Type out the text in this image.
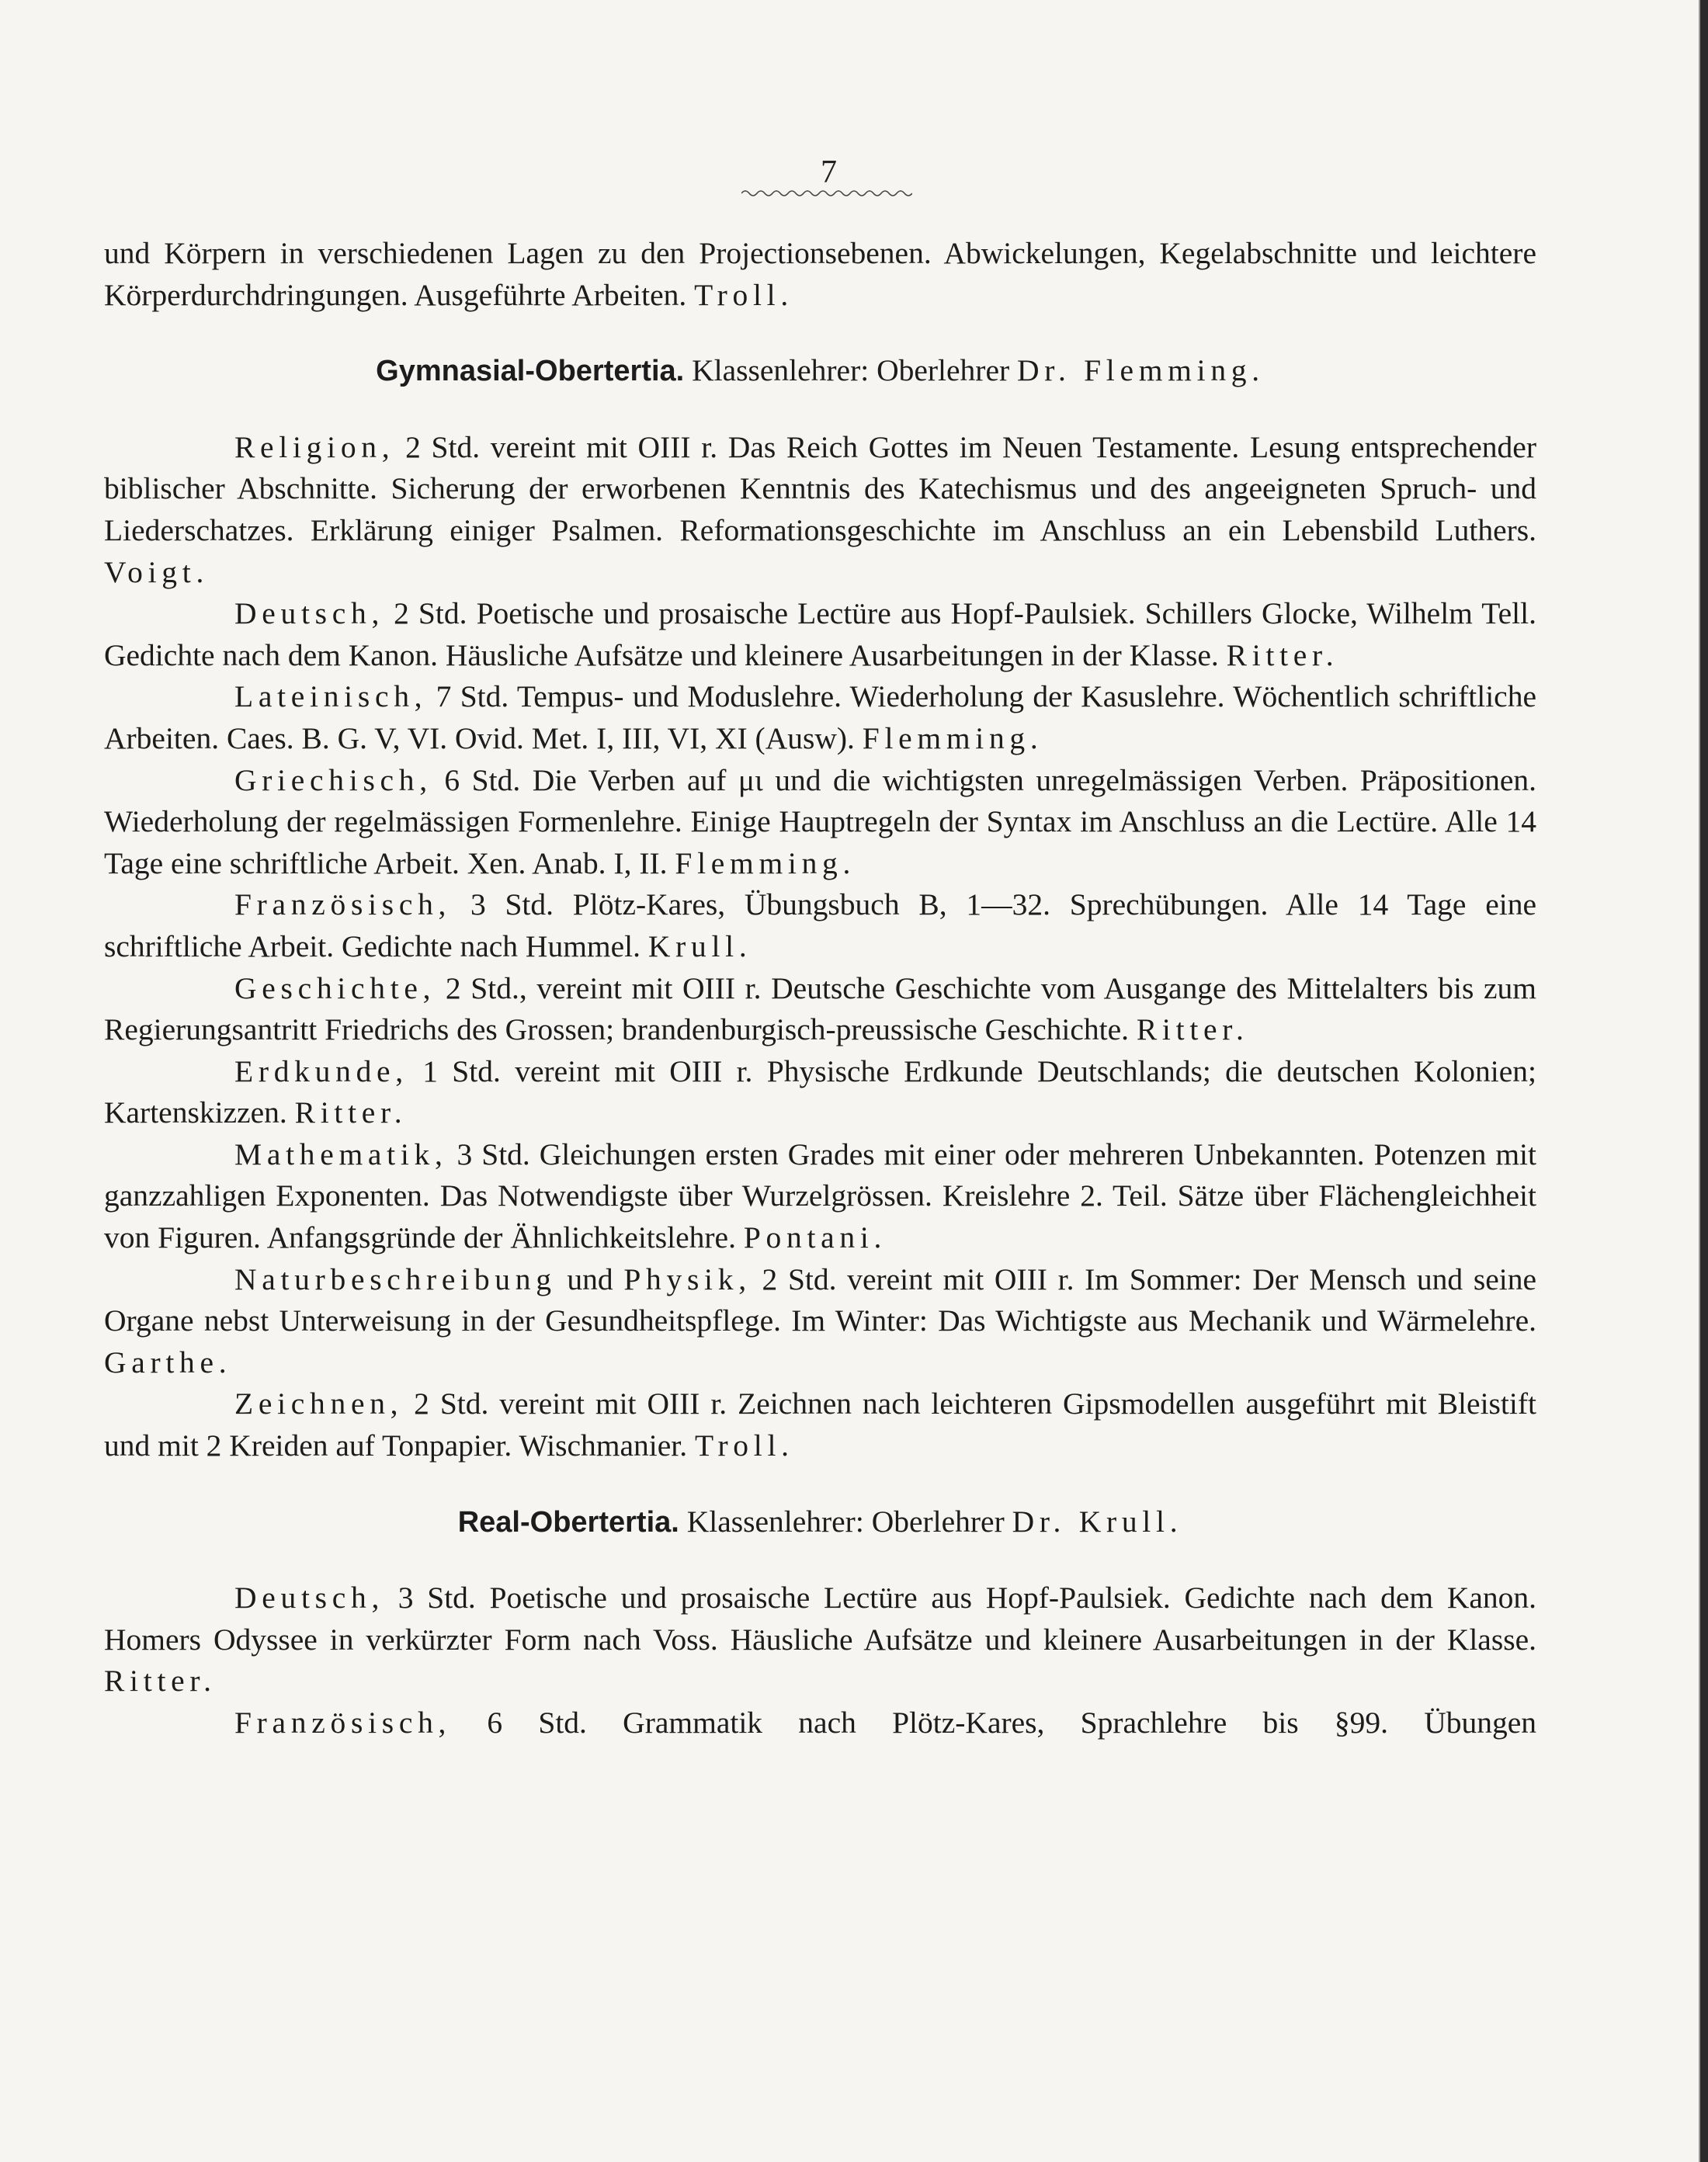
7

und Körpern in verschiedenen Lagen zu den Projectionsebenen. Abwickelungen, Kegelabschnitte und leichtere Körperdurchdringungen. Ausgeführte Arbeiten. Troll.

Gymnasial-Obertertia. Klassenlehrer: Oberlehrer Dr. Flemming.

Religion, 2 Std. vereint mit OIII r. Das Reich Gottes im Neuen Testamente. Lesung entsprechender biblischer Abschnitte. Sicherung der erworbenen Kenntnis des Katechismus und des angeeigneten Spruch- und Liederschatzes. Erklärung einiger Psalmen. Reformationsgeschichte im Anschluss an ein Lebensbild Luthers. Voigt.

Deutsch, 2 Std. Poetische und prosaische Lectüre aus Hopf-Paulsiek. Schillers Glocke, Wilhelm Tell. Gedichte nach dem Kanon. Häusliche Aufsätze und kleinere Ausarbeitungen in der Klasse. Ritter.

Lateinisch, 7 Std. Tempus- und Moduslehre. Wiederholung der Kasuslehre. Wöchentlich schriftliche Arbeiten. Caes. B. G. V, VI. Ovid. Met. I, III, VI, XI (Ausw). Flemming.

Griechisch, 6 Std. Die Verben auf μι und die wichtigsten unregelmässigen Verben. Präpositionen. Wiederholung der regelmässigen Formenlehre. Einige Hauptregeln der Syntax im Anschluss an die Lectüre. Alle 14 Tage eine schriftliche Arbeit. Xen. Anab. I, II. Flemming.

Französisch, 3 Std. Plötz-Kares, Übungsbuch B, 1—32. Sprechübungen. Alle 14 Tage eine schriftliche Arbeit. Gedichte nach Hummel. Krull.

Geschichte, 2 Std., vereint mit OIII r. Deutsche Geschichte vom Ausgange des Mittelalters bis zum Regierungsantritt Friedrichs des Grossen; brandenburgisch-preussische Geschichte. Ritter.

Erdkunde, 1 Std. vereint mit OIII r. Physische Erdkunde Deutschlands; die deutschen Kolonien; Kartenskizzen. Ritter.

Mathematik, 3 Std. Gleichungen ersten Grades mit einer oder mehreren Unbekannten. Potenzen mit ganzzahligen Exponenten. Das Notwendigste über Wurzelgrössen. Kreislehre 2. Teil. Sätze über Flächengleichheit von Figuren. Anfangsgründe der Ähnlichkeitslehre. Pontani.

Naturbeschreibung und Physik, 2 Std. vereint mit OIII r. Im Sommer: Der Mensch und seine Organe nebst Unterweisung in der Gesundheitspflege. Im Winter: Das Wichtigste aus Mechanik und Wärmelehre. Garthe.

Zeichnen, 2 Std. vereint mit OIII r. Zeichnen nach leichteren Gipsmodellen ausgeführt mit Bleistift und mit 2 Kreiden auf Tonpapier. Wischmanier. Troll.

Real-Obertertia. Klassenlehrer: Oberlehrer Dr. Krull.

Deutsch, 3 Std. Poetische und prosaische Lectüre aus Hopf-Paulsiek. Gedichte nach dem Kanon. Homers Odyssee in verkürzter Form nach Voss. Häusliche Aufsätze und kleinere Ausarbeitungen in der Klasse. Ritter.

Französisch, 6 Std. Grammatik nach Plötz-Kares, Sprachlehre bis §99. Übungen
